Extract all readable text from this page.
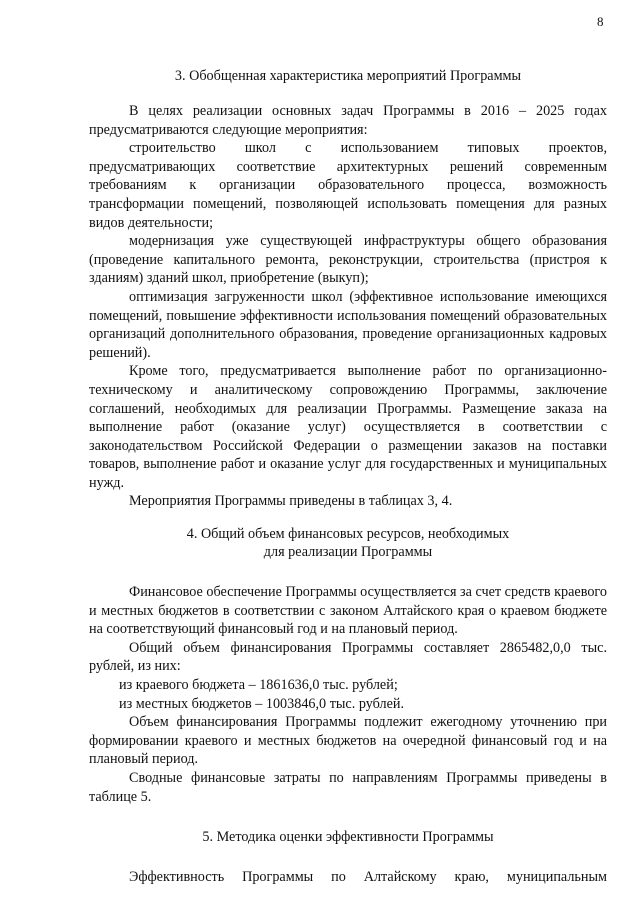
8

3. Обобщенная характеристика мероприятий Программы

В целях реализации основных задач Программы в 2016 – 2025 годах предусматриваются следующие мероприятия:

строительство школ с использованием типовых проектов, предусматривающих соответствие архитектурных решений современным требованиям к организации образовательного процесса, возможность трансформации помещений, позволяющей использовать помещения для разных видов деятельности;

модернизация уже существующей инфраструктуры общего образования (проведение капитального ремонта, реконструкции, строительства (пристроя к зданиям) зданий школ, приобретение (выкуп);

оптимизация загруженности школ (эффективное использование имеющихся помещений, повышение эффективности использования помещений образовательных организаций дополнительного образования, проведение организационных кадровых решений).

Кроме того, предусматривается выполнение работ по организационно-техническому и аналитическому сопровождению Программы, заключение соглашений, необходимых для реализации Программы. Размещение заказа на выполнение работ (оказание услуг) осуществляется в соответствии с законодательством Российской Федерации о размещении заказов на поставки товаров, выполнение работ и оказание услуг для государственных и муниципальных нужд.

Мероприятия Программы приведены в таблицах 3, 4.

4. Общий объем финансовых ресурсов, необходимых

для реализации Программы

Финансовое обеспечение Программы осуществляется за счет средств краевого и местных бюджетов в соответствии с законом Алтайского края о краевом бюджете на соответствующий финансовый год и на плановый период.

Общий объем финансирования Программы составляет 2865482,0,0 тыс. рублей, из них:

из краевого бюджета – 1861636,0 тыс. рублей;

из местных бюджетов – 1003846,0 тыс. рублей.

Объем финансирования Программы подлежит ежегодному уточнению при формировании краевого и местных бюджетов на очередной финансовый год и на плановый период.

Сводные финансовые затраты по направлениям Программы приведены в таблице 5.

5. Методика оценки эффективности Программы

Эффективность Программы по Алтайскому краю, муниципальным
